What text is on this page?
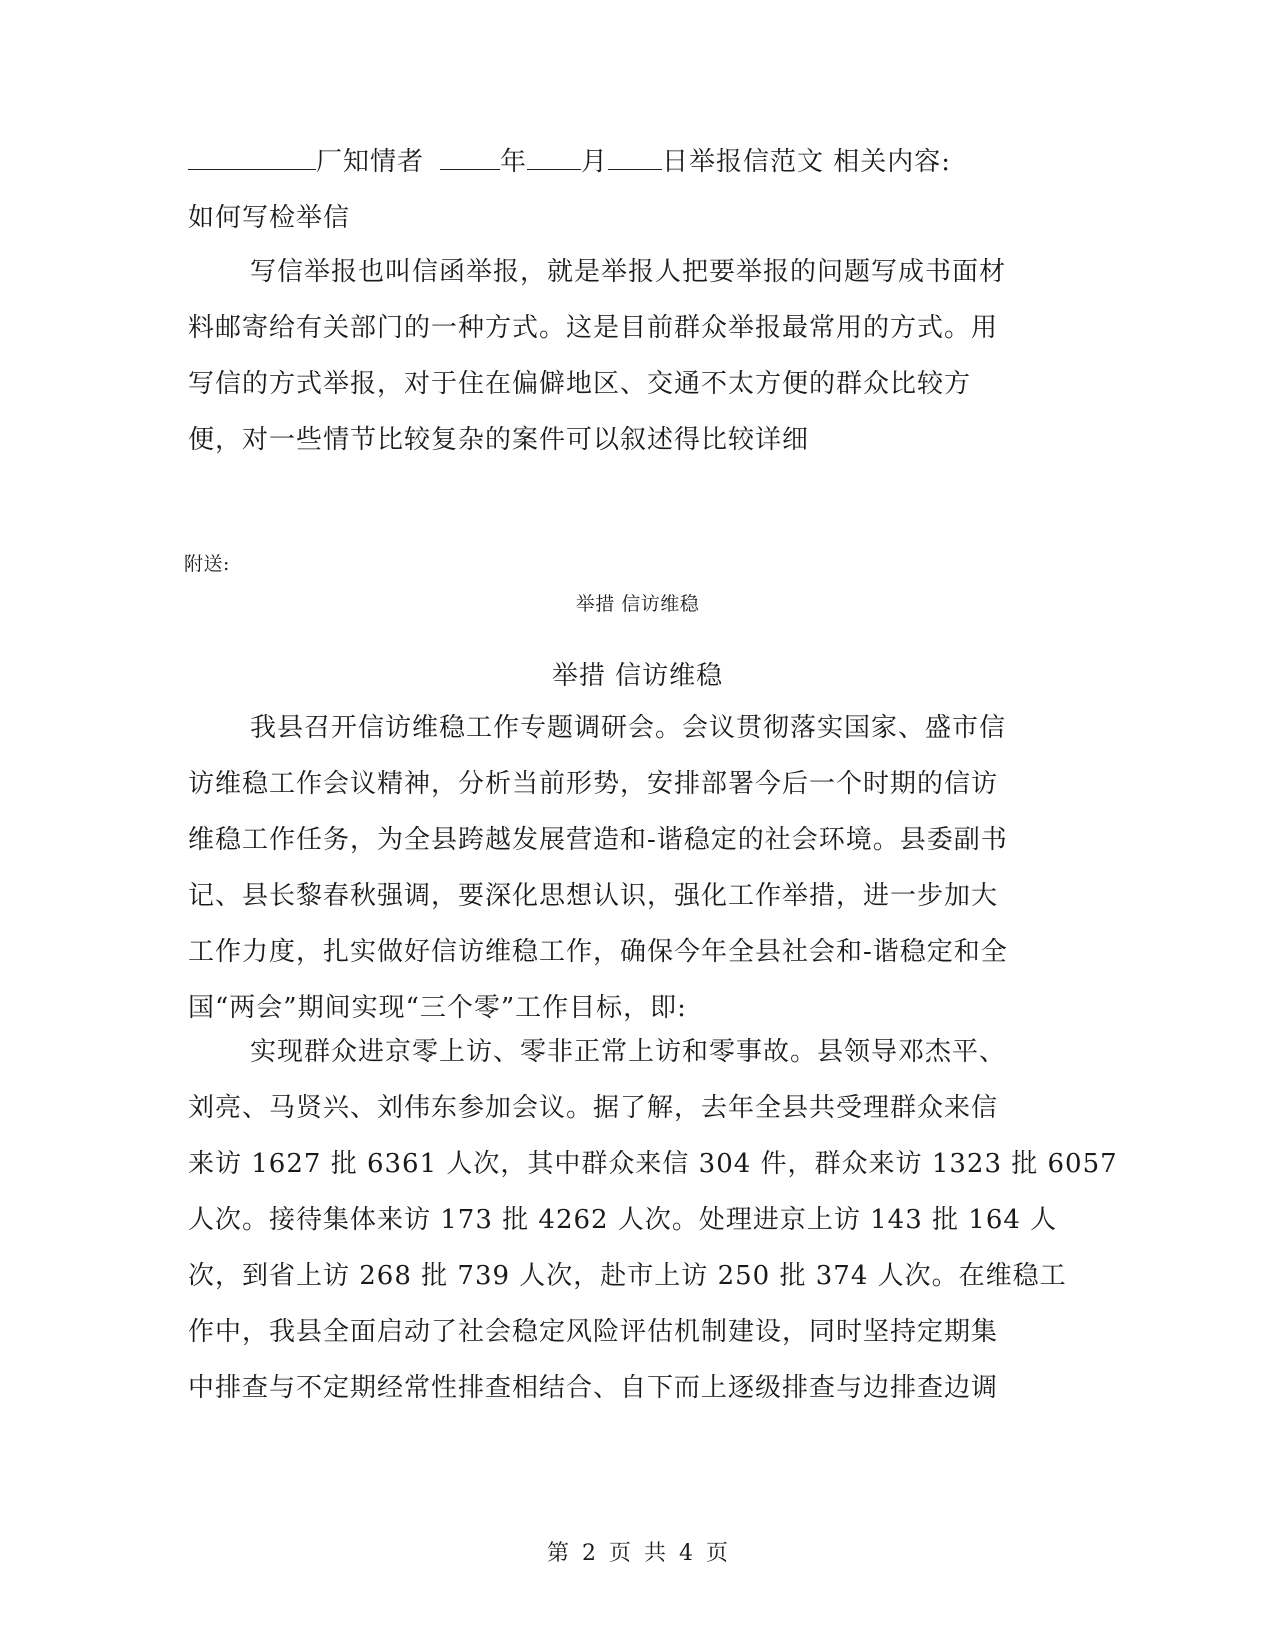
厂知情者	年 月 日举报信范文 相关内容:
如何写检举信
写信举报也叫信函举报，就是举报人把要举报的问题写成书面材
料邮寄给有关部门的一种方式。这是目前群众举报最常用的方式。用
写信的方式举报，对于住在偏僻地区、交通不太方便的群众比较方
便，对一些情节比较复杂的案件可以叙述得比较详细
附送:
举措 信访维稳
举措 信访维稳
我县召开信访维稳工作专题调研会。会议贯彻落实国家、盛市信
访维稳工作会议精神，分析当前形势，安排部署今后一个时期的信访
维稳工作任务，为全县跨越发展营造和-谐稳定的社会环境。县委副书
记、县长黎春秋强调，要深化思想认识，强化工作举措，进一步加大
工作力度，扎实做好信访维稳工作，确保今年全县社会和-谐稳定和全
国“两会”期间实现“三个零”工作目标，即:
实现群众进京零上访、零非正常上访和零事故。县领导邓杰平、
刘亮、马贤兴、刘伟东参加会议。据了解，去年全县共受理群众来信
来访 1627 批 6361 人次，其中群众来信 304 件，群众来访 1323 批 6057
人次。接待集体来访 173 批 4262 人次。处理进京上访 143 批 164 人
次，到省上访 268 批 739 人次，赴市上访 250 批 374 人次。在维稳工
作中，我县全面启动了社会稳定风险评估机制建设，同时坚持定期集
中排查与不定期经常性排查相结合、自下而上逐级排查与边排查边调
第 2 页 共 4 页
